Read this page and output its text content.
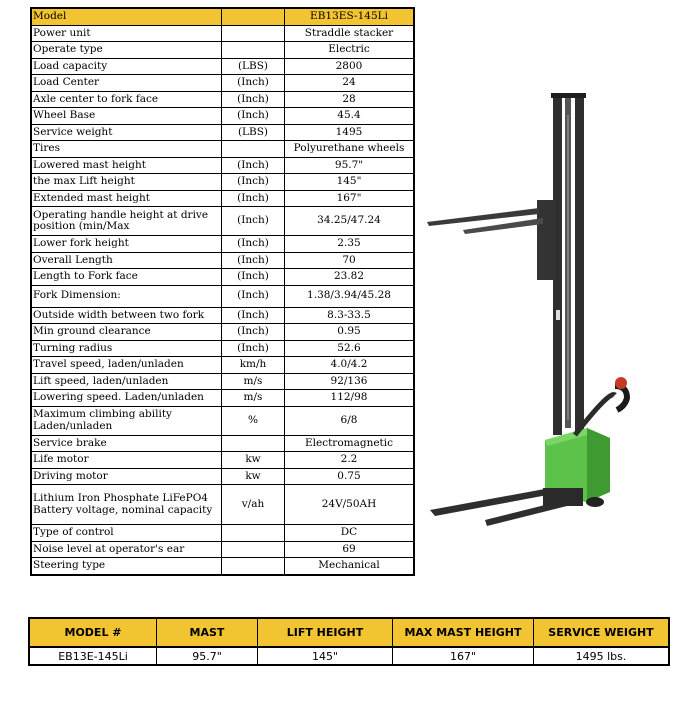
Model		EB13ES-145Li
Power unit		Straddle stacker
Operate type		Electric
Load capacity	(LBS)	2800
Load Center	(Inch)	24
Axle center to fork face	(Inch)	28
Wheel Base	(Inch)	45.4
Service weight	(LBS)	1495
Tires		Polyurethane wheels
Lowered mast height	(Inch)	95.7"
the max Lift height	(Inch)	145"
Extended mast height	(Inch)	167"
Operating handle height at drive position (min/Max	(Inch)	34.25/47.24
Lower fork height	(Inch)	2.35
Overall Length	(Inch)	70
Length to Fork face	(Inch)	23.82
Fork Dimension:	(Inch)	1.38/3.94/45.28
Outside width between two fork	(Inch)	8.3-33.5
Min ground clearance	(Inch)	0.95
Turning radius	(Inch)	52.6
Travel speed, laden/unladen	km/h	4.0/4.2
Lift speed, laden/unladen	m/s	92/136
Lowering speed. Laden/unladen	m/s	112/98
Maximum climbing ability Laden/unladen	%	6/8
Service brake		Electromagnetic
Life motor	kw	2.2
Driving motor	kw	0.75
Lithium Iron Phosphate LiFePO4 Battery voltage, nominal capacity	v/ah	24V/50AH
Type of control		DC
Noise level at operator's ear		69
Steering type		Mechanical
MODEL #	MAST	LIFT HEIGHT	MAX MAST HEIGHT	SERVICE WEIGHT
EB13E-145Li	95.7"	145"	167"	1495 lbs.
